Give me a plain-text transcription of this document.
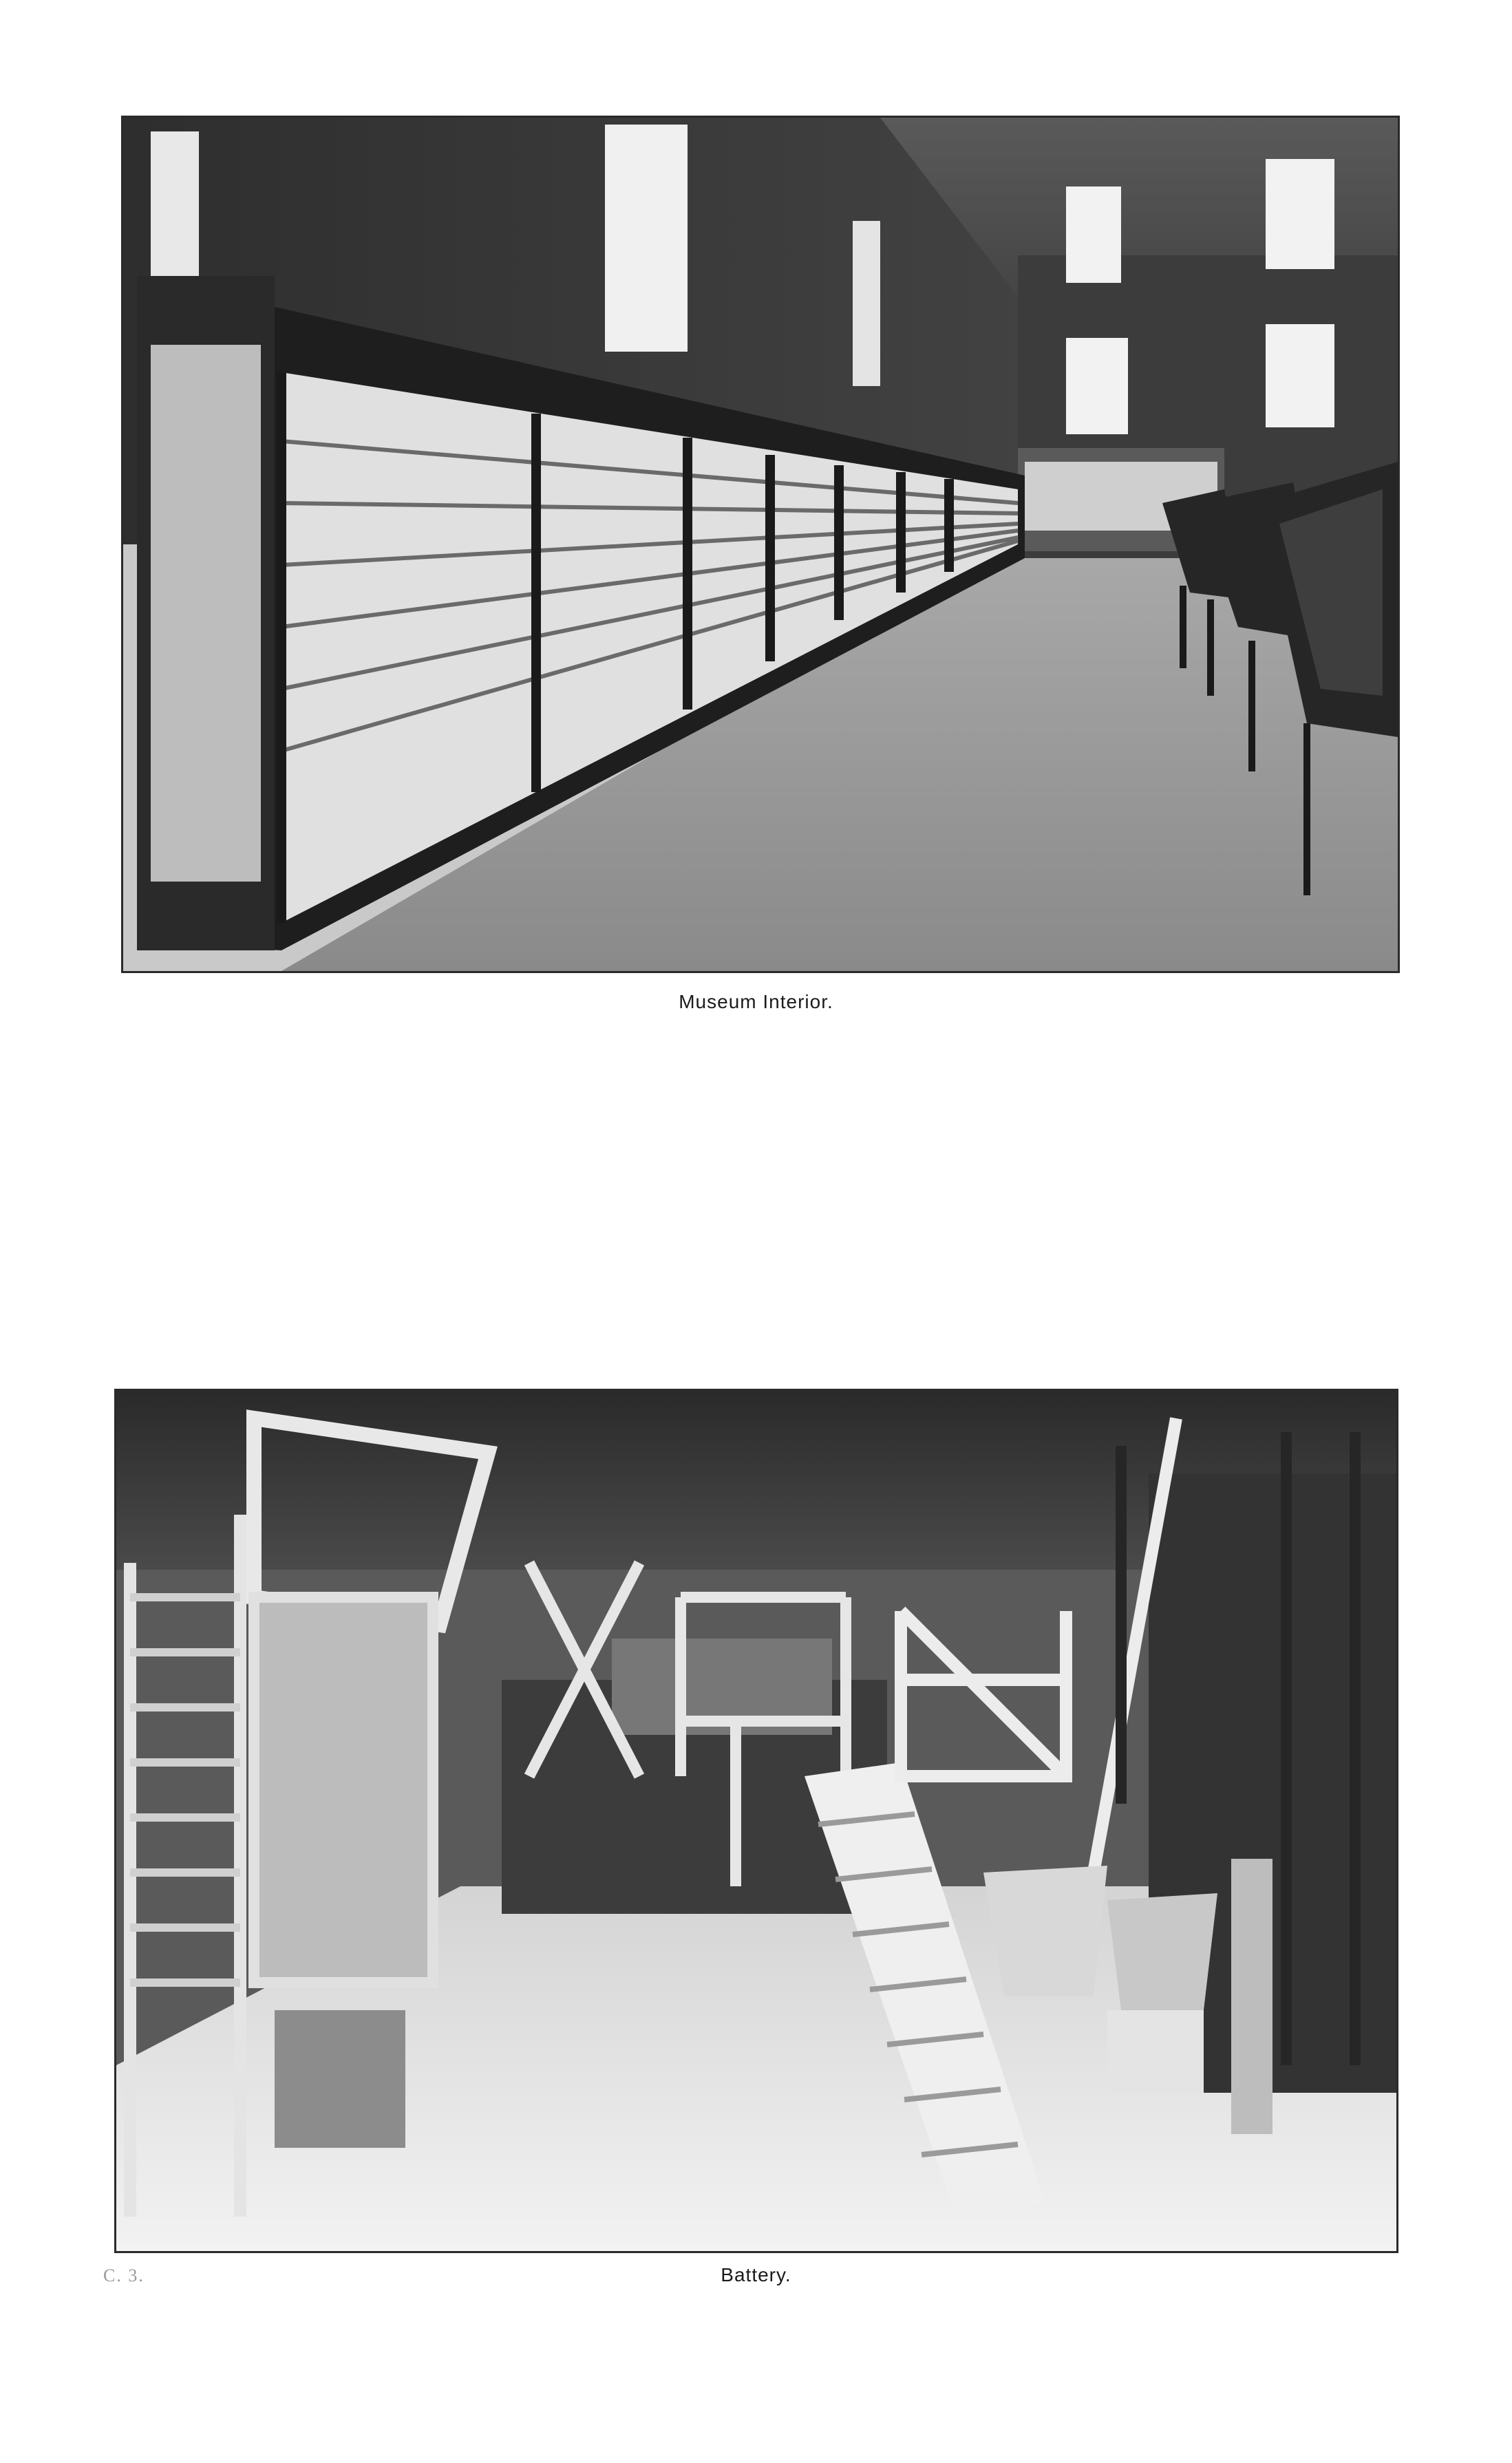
Museum Interior.
C. 3.	Battery.
